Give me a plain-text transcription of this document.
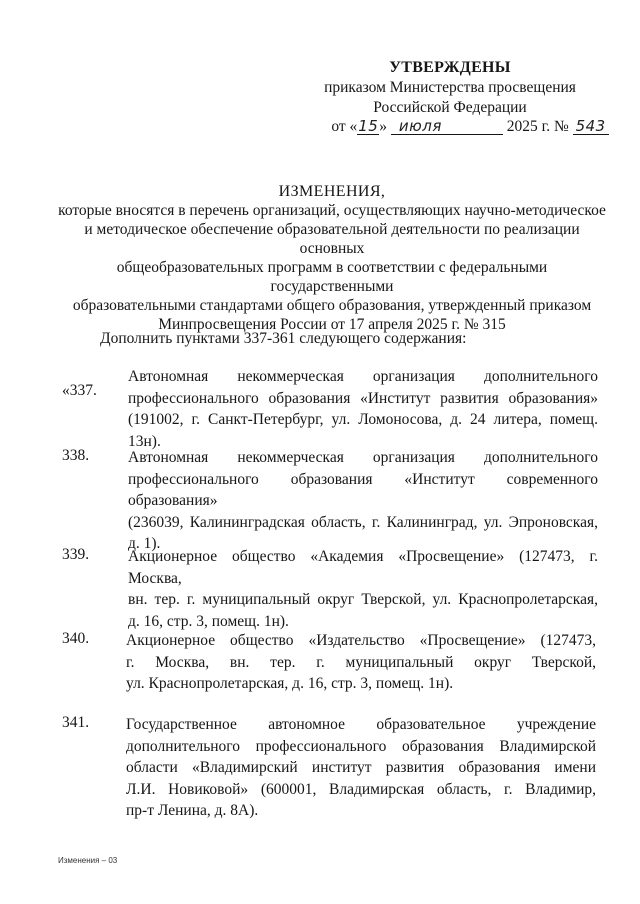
УТВЕРЖДЕНЫ
приказом Министерства просвещения
Российской Федерации
от «15» июля	2025 г. № 543
ИЗМЕНЕНИЯ,
которые вносятся в перечень организаций, осуществляющих научно-методическое
и методическое обеспечение образовательной деятельности по реализации основных
общеобразовательных программ в соответствии с федеральными государственными
образовательными стандартами общего образования, утвержденный приказом
Минпросвещения России от 17 апреля 2025 г. № 315
Дополнить пунктами 337-361 следующего содержания:
«337.
Автономная некоммерческая организация дополнительного
профессионального образования «Институт развития образования»
(191002, г. Санкт-Петербург, ул. Ломоносова, д. 24 литера, помещ. 13н).
338.	Автономная некоммерческая организация дополнительного
профессионального образования «Институт современного образования»
(236039, Калининградская область, г. Калининград, ул. Эпроновская,
д. 1).
339.	Акционерное общество «Академия «Просвещение» (127473, г. Москва,
вн. тер. г. муниципальный округ Тверской, ул. Краснопролетарская,
д. 16, стр. 3, помещ. 1н).
340. Акционерное общество «Издательство «Просвещение» (127473,
г. Москва, вн. тер. г. муниципальный округ Тверской,
ул. Краснопролетарская, д. 16, стр. 3, помещ. 1н).
341. Государственное автономное образовательное учреждение
дополнительного профессионального образования Владимирской
области «Владимирский институт развития образования имени
Л.И. Новиковой» (600001, Владимирская область, г. Владимир,
пр-т Ленина, д. 8А).
Изменения – 03
